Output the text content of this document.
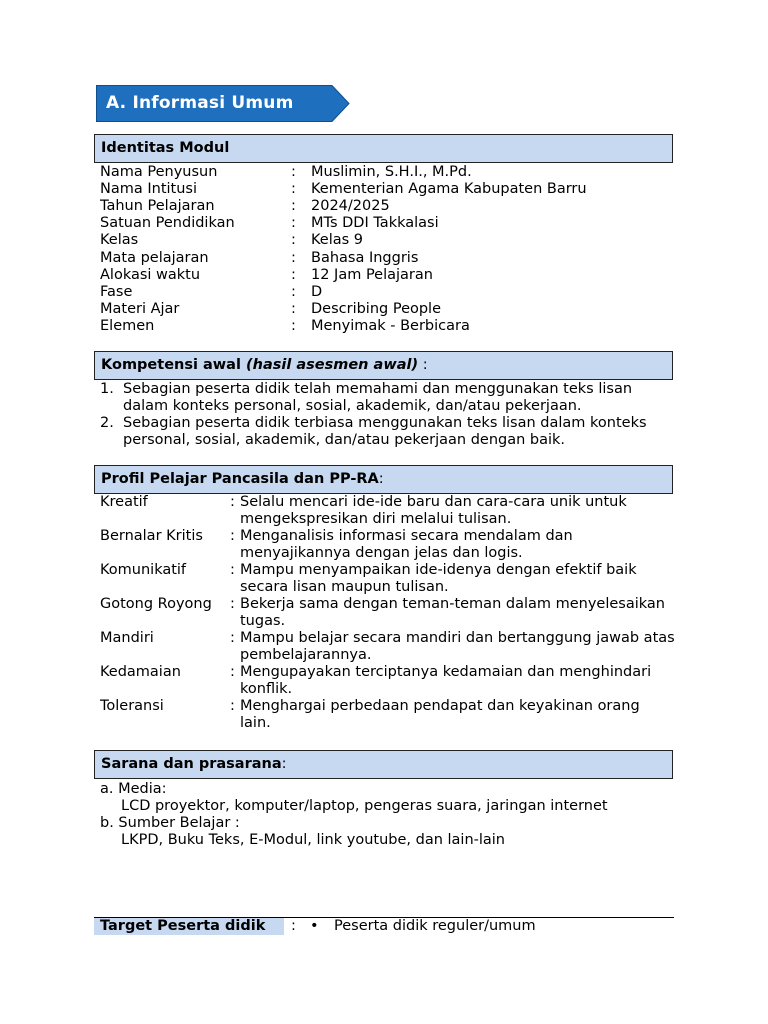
A. Informasi Umum
Identitas Modul
Nama Penyusun	: Muslimin, S.H.I., M.Pd.
Nama Intitusi	: Kementerian Agama Kabupaten Barru
Tahun Pelajaran	: 2024/2025
Satuan Pendidikan	: MTs DDI Takkalasi
Kelas	: Kelas 9
Mata pelajaran	: Bahasa Inggris
Alokasi waktu	: 12 Jam Pelajaran
Fase	: D
Materi Ajar	: Describing People
Elemen	: Menyimak - Berbicara
Kompetensi awal (hasil asesmen awal) :
1. Sebagian peserta didik telah memahami dan menggunakan teks lisan dalam konteks personal, sosial, akademik, dan/atau pekerjaan.
2. Sebagian peserta didik terbiasa menggunakan teks lisan dalam konteks personal, sosial, akademik, dan/atau pekerjaan dengan baik.
Profil Pelajar Pancasila dan PP-RA:
Kreatif	: Selalu mencari ide-ide baru dan cara-cara unik untuk mengekspresikan diri melalui tulisan.
Bernalar Kritis : Menganalisis informasi secara mendalam dan menyajikannya dengan jelas dan logis.
Komunikatif	: Mampu menyampaikan ide-idenya dengan efektif baik secara lisan maupun tulisan.
Gotong Royong : Bekerja sama dengan teman-teman dalam menyelesaikan tugas.
Mandiri	: Mampu belajar secara mandiri dan bertanggung jawab atas pembelajarannya.
Kedamaian	: Mengupayakan terciptanya kedamaian dan menghindari konflik.
Toleransi	: Menghargai perbedaan pendapat dan keyakinan orang lain.
Sarana dan prasarana:
a. Media:
LCD proyektor, komputer/laptop, pengeras suara, jaringan internet
b. Sumber Belajar :
LKPD, Buku Teks, E-Modul, link youtube, dan lain-lain
Target Peserta didik	: • Peserta didik reguler/umum
